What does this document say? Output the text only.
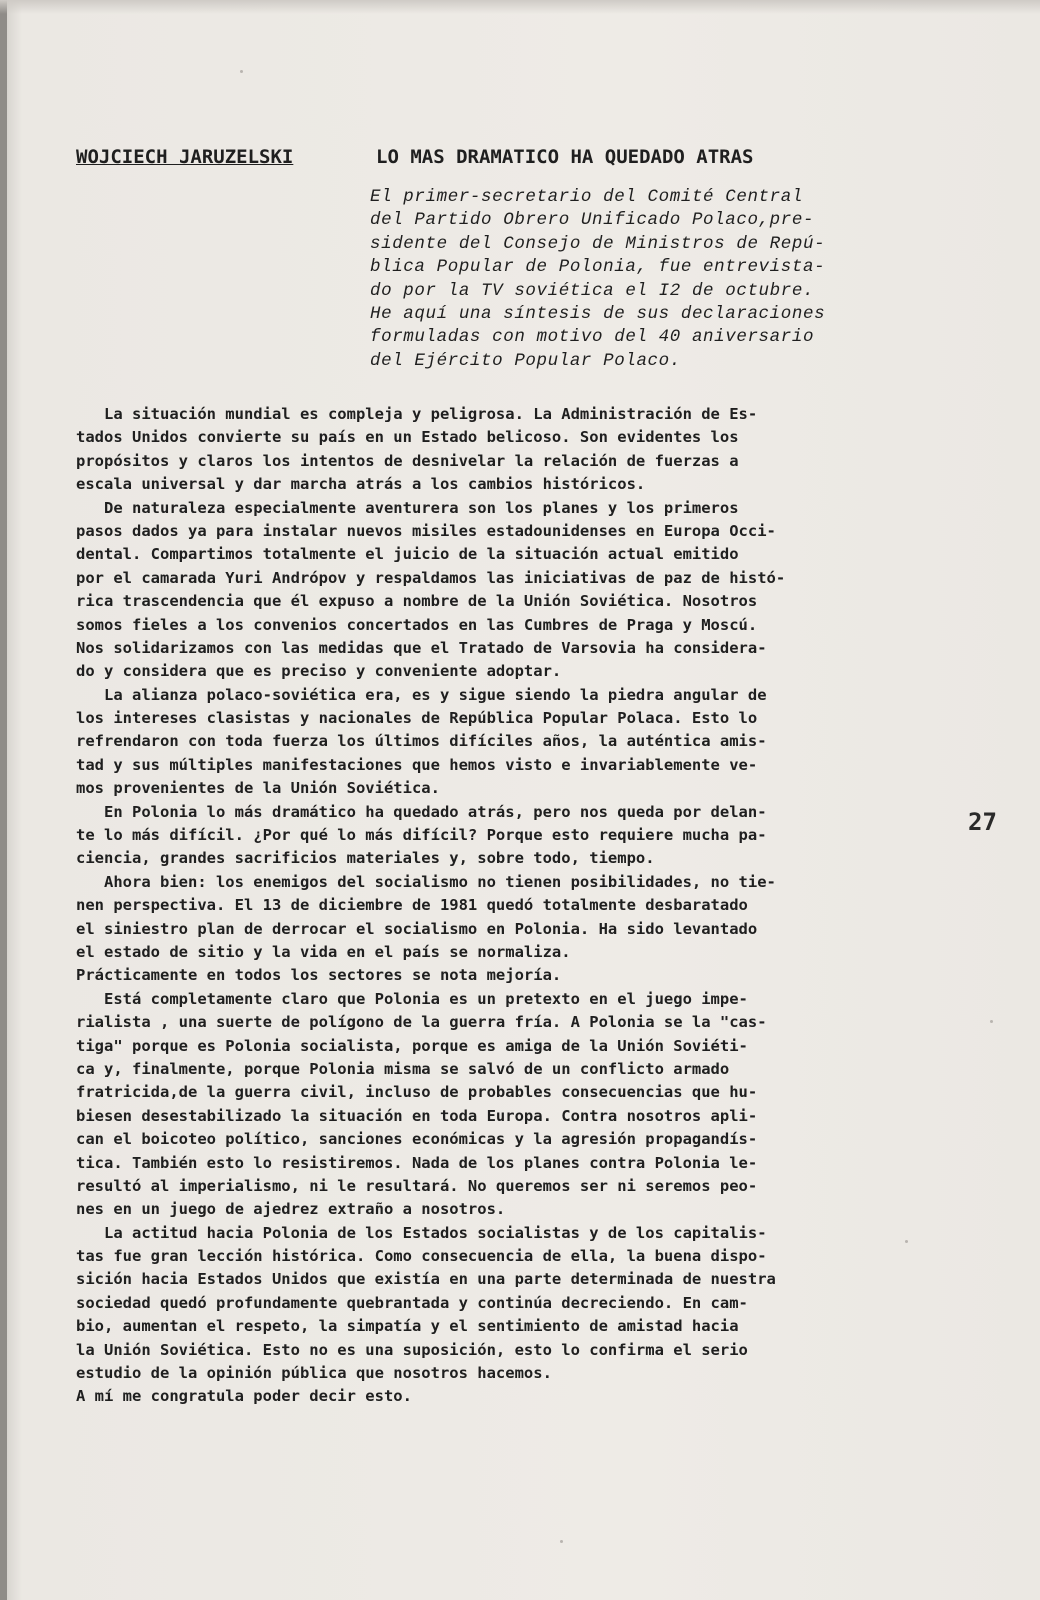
WOJCIECH JARUZELSKI	LO MAS DRAMATICO HA QUEDADO ATRAS
El primer-secretario del Comité Central
del Partido Obrero Unificado Polaco,pre-
sidente del Consejo de Ministros de Repú-
blica Popular de Polonia, fue entrevista-
do por la TV soviética el I2 de octubre.
He aquí una síntesis de sus declaraciones
formuladas con motivo del 40 aniversario
del Ejército Popular Polaco.
La situación mundial es compleja y peligrosa. La Administración de Es-
tados Unidos convierte su país en un Estado belicoso. Son evidentes los
propósitos y claros los intentos de desnivelar la relación de fuerzas a
escala universal y dar marcha atrás a los cambios históricos.
De naturaleza especialmente aventurera son los planes y los primeros
pasos dados ya para instalar nuevos misiles estadounidenses en Europa Occi-
dental. Compartimos totalmente el juicio de la situación actual emitido
por el camarada Yuri Andrópov y respaldamos las iniciativas de paz de histó-
rica trascendencia que él expuso a nombre de la Unión Soviética. Nosotros
somos fieles a los convenios concertados en las Cumbres de Praga y Moscú.
Nos solidarizamos con las medidas que el Tratado de Varsovia ha considera-
do y considera que es preciso y conveniente adoptar.
La alianza polaco-soviética era, es y sigue siendo la piedra angular de
los intereses clasistas y nacionales de República Popular Polaca. Esto lo
refrendaron con toda fuerza los últimos difíciles años, la auténtica amis-
tad y sus múltiples manifestaciones que hemos visto e invariablemente ve-
mos provenientes de la Unión Soviética.
En Polonia lo más dramático ha quedado atrás, pero nos queda por delan-
te lo más difícil. ¿Por qué lo más difícil? Porque esto requiere mucha pa-
ciencia, grandes sacrificios materiales y, sobre todo, tiempo.
Ahora bien: los enemigos del socialismo no tienen posibilidades, no tie-
nen perspectiva. El 13 de diciembre de 1981 quedó totalmente desbaratado
el siniestro plan de derrocar el socialismo en Polonia. Ha sido levantado
el estado de sitio y la vida en el país se normaliza.
Prácticamente en todos los sectores se nota mejoría.
Está completamente claro que Polonia es un pretexto en el juego impe-
rialista , una suerte de polígono de la guerra fría. A Polonia se la "cas-
tiga" porque es Polonia socialista, porque es amiga de la Unión Soviéti-
ca y, finalmente, porque Polonia misma se salvó de un conflicto armado
fratricida,de la guerra civil, incluso de probables consecuencias que hu-
biesen desestabilizado la situación en toda Europa. Contra nosotros apli-
can el boicoteo político, sanciones económicas y la agresión propagandís-
tica. También esto lo resistiremos. Nada de los planes contra Polonia le-
resultó al imperialismo, ni le resultará. No queremos ser ni seremos peo-
nes en un juego de ajedrez extraño a nosotros.
La actitud hacia Polonia de los Estados socialistas y de los capitalis-
tas fue gran lección histórica. Como consecuencia de ella, la buena dispo-
sición hacia Estados Unidos que existía en una parte determinada de nuestra
sociedad quedó profundamente quebrantada y continúa decreciendo. En cam-
bio, aumentan el respeto, la simpatía y el sentimiento de amistad hacia
la Unión Soviética. Esto no es una suposición, esto lo confirma el serio
estudio de la opinión pública que nosotros hacemos.
A mí me congratula poder decir esto.
27
